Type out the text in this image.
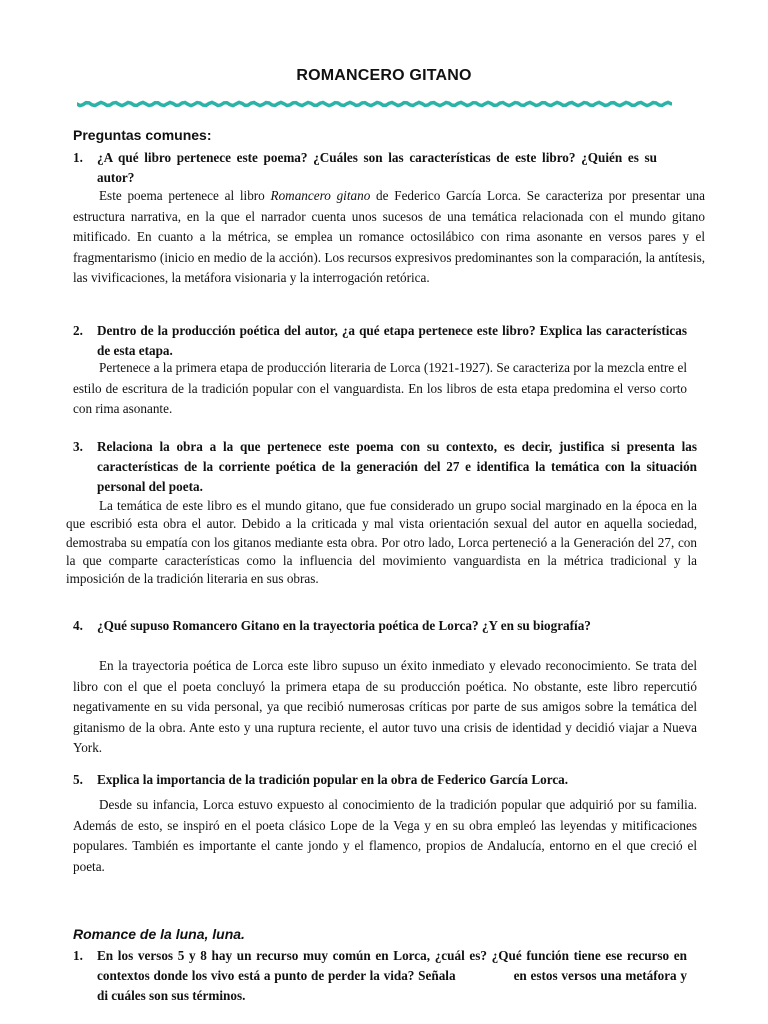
ROMANCERO GITANO
Preguntas comunes:
1.	¿A qué libro pertenece este poema? ¿Cuáles son las características de este libro? ¿Quién es su autor?
Este poema pertenece al libro Romancero gitano de Federico García Lorca. Se caracteriza por presentar una estructura narrativa, en la que el narrador cuenta unos sucesos de una temática relacionada con el mundo gitano mitificado. En cuanto a la métrica, se emplea un romance octosilábico con rima asonante en versos pares y el fragmentarismo (inicio en medio de la acción). Los recursos expresivos predominantes son la comparación, la antítesis, las vivificaciones, la metáfora visionaria y la interrogación retórica.
2.	Dentro de la producción poética del autor, ¿a qué etapa pertenece este libro? Explica las características de esta etapa.
Pertenece a la primera etapa de producción literaria de Lorca (1921-1927). Se caracteriza por la mezcla entre el estilo de escritura de la tradición popular con el vanguardista. En los libros de esta etapa predomina el verso corto con rima asonante.
3.	Relaciona la obra a la que pertenece este poema con su contexto, es decir, justifica si presenta las características de la corriente poética de la generación del 27 e identifica la temática con la situación personal del poeta.
La temática de este libro es el mundo gitano, que fue considerado un grupo social marginado en la época en la que escribió esta obra el autor. Debido a la criticada y mal vista orientación sexual del autor en aquella sociedad, demostraba su empatía con los gitanos mediante esta obra. Por otro lado, Lorca perteneció a la Generación del 27, con la que comparte características como la influencia del movimiento vanguardista en la métrica tradicional y la imposición de la tradición literaria en sus obras.
4.	¿Qué supuso Romancero Gitano en la trayectoria poética de Lorca? ¿Y en su biografía?
En la trayectoria poética de Lorca este libro supuso un éxito inmediato y elevado reconocimiento. Se trata del libro con el que el poeta concluyó la primera etapa de su producción poética. No obstante, este libro repercutió negativamente en su vida personal, ya que recibió numerosas críticas por parte de sus amigos sobre la temática del gitanismo de la obra. Ante esto y una ruptura reciente, el autor tuvo una crisis de identidad y decidió viajar a Nueva York.
5.	Explica la importancia de la tradición popular en la obra de Federico García Lorca.
Desde su infancia, Lorca estuvo expuesto al conocimiento de la tradición popular que adquirió por su familia. Además de esto, se inspiró en el poeta clásico Lope de la Vega y en su obra empleó las leyendas y mitificaciones populares. También es importante el cante jondo y el flamenco, propios de Andalucía, entorno en el que creció el poeta.
Romance de la luna, luna.
1.	En los versos 5 y 8 hay un recurso muy común en Lorca, ¿cuál es? ¿Qué función tiene ese recurso en contextos donde los vivo está a punto de perder la vida? Señala	en estos versos una metáfora y di cuáles son sus términos.
